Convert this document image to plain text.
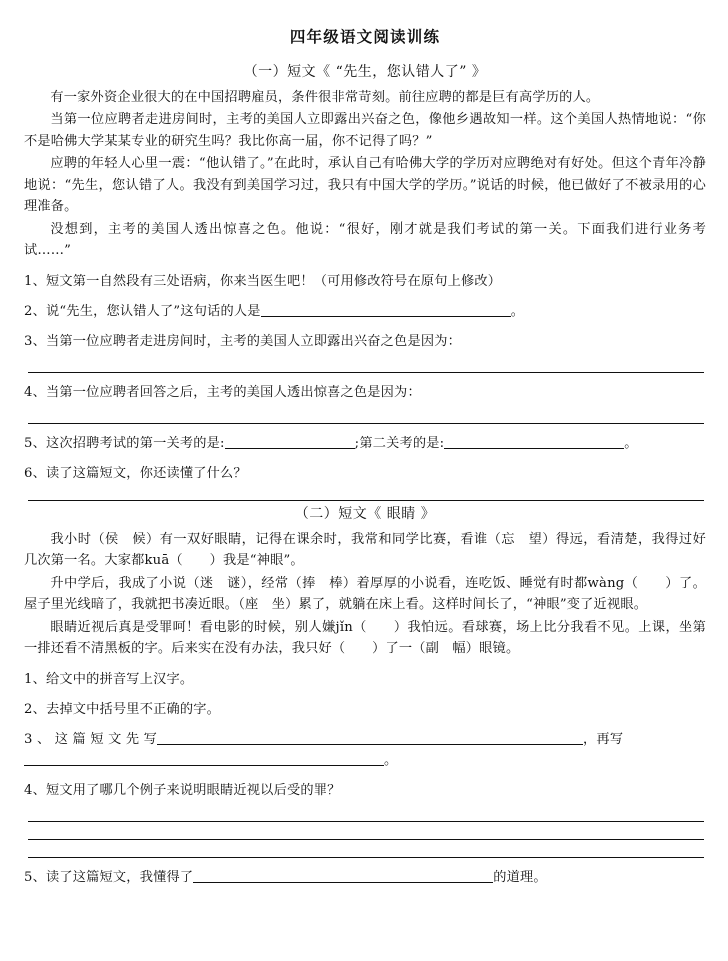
四年级语文阅读训练
（一）短文《 “先生，您认错人了” 》

有一家外资企业很大的在中国招聘雇员，条件很非常苛刻。前往应聘的都是巨有高学历的人。

当第一位应聘者走进房间时，主考的美国人立即露出兴奋之色，像他乡遇故知一样。这个美国人热情地说：“你不是哈佛大学某某专业的研究生吗？我比你高一届，你不记得了吗？”

应聘的年轻人心里一震：“他认错了。”在此时，承认自己有哈佛大学的学历对应聘绝对有好处。但这个青年冷静地说：“先生，您认错了人。我没有到美国学习过，我只有中国大学的学历。”说话的时候，他已做好了不被录用的心理准备。

没想到，主考的美国人透出惊喜之色。他说：“很好，刚才就是我们考试的第一关。下面我们进行业务考试……”

1、短文第一自然段有三处语病，你来当医生吧！（可用修改符号在原句上修改）
2、说“先生，您认错人了”这句话的人是	。
3、当第一位应聘者走进房间时，主考的美国人立即露出兴奋之色是因为：
4、当第一位应聘者回答之后，主考的美国人透出惊喜之色是因为：
5、这次招聘考试的第一关考的是:	;第二关考的是:	。
6、读了这篇短文，你还读懂了什么？
（二）短文《 眼睛 》

我小时（侯　候）有一双好眼睛，记得在课余时，我常和同学比赛，看谁（忘　望）得远，看清楚，我得过好几次第一名。大家都kuā（　　）我是“神眼”。

升中学后，我成了小说（迷　谜），经常（捧　棒）着厚厚的小说看，连吃饭、睡觉有时都wàng（　　）了。屋子里光线暗了，我就把书凑近眼。（座　坐）累了，就躺在床上看。这样时间长了，“神眼”变了近视眼。

眼睛近视后真是受罪呵！看电影的时候，别人嫌jǐn（　　）我怕远。看球赛，场上比分我看不见。上课，坐第一排还看不清黑板的字。后来实在没有办法，我只好（　　）了一（副　幅）眼镜。

1、给文中的拼音写上汉字。
2、去掉文中括号里不正确的字。
3 、 这 篇 短 文 先 写	，再写。
4、短文用了哪几个例子来说明眼睛近视以后受的罪？
5、读了这篇短文，我懂得了	的道理。
